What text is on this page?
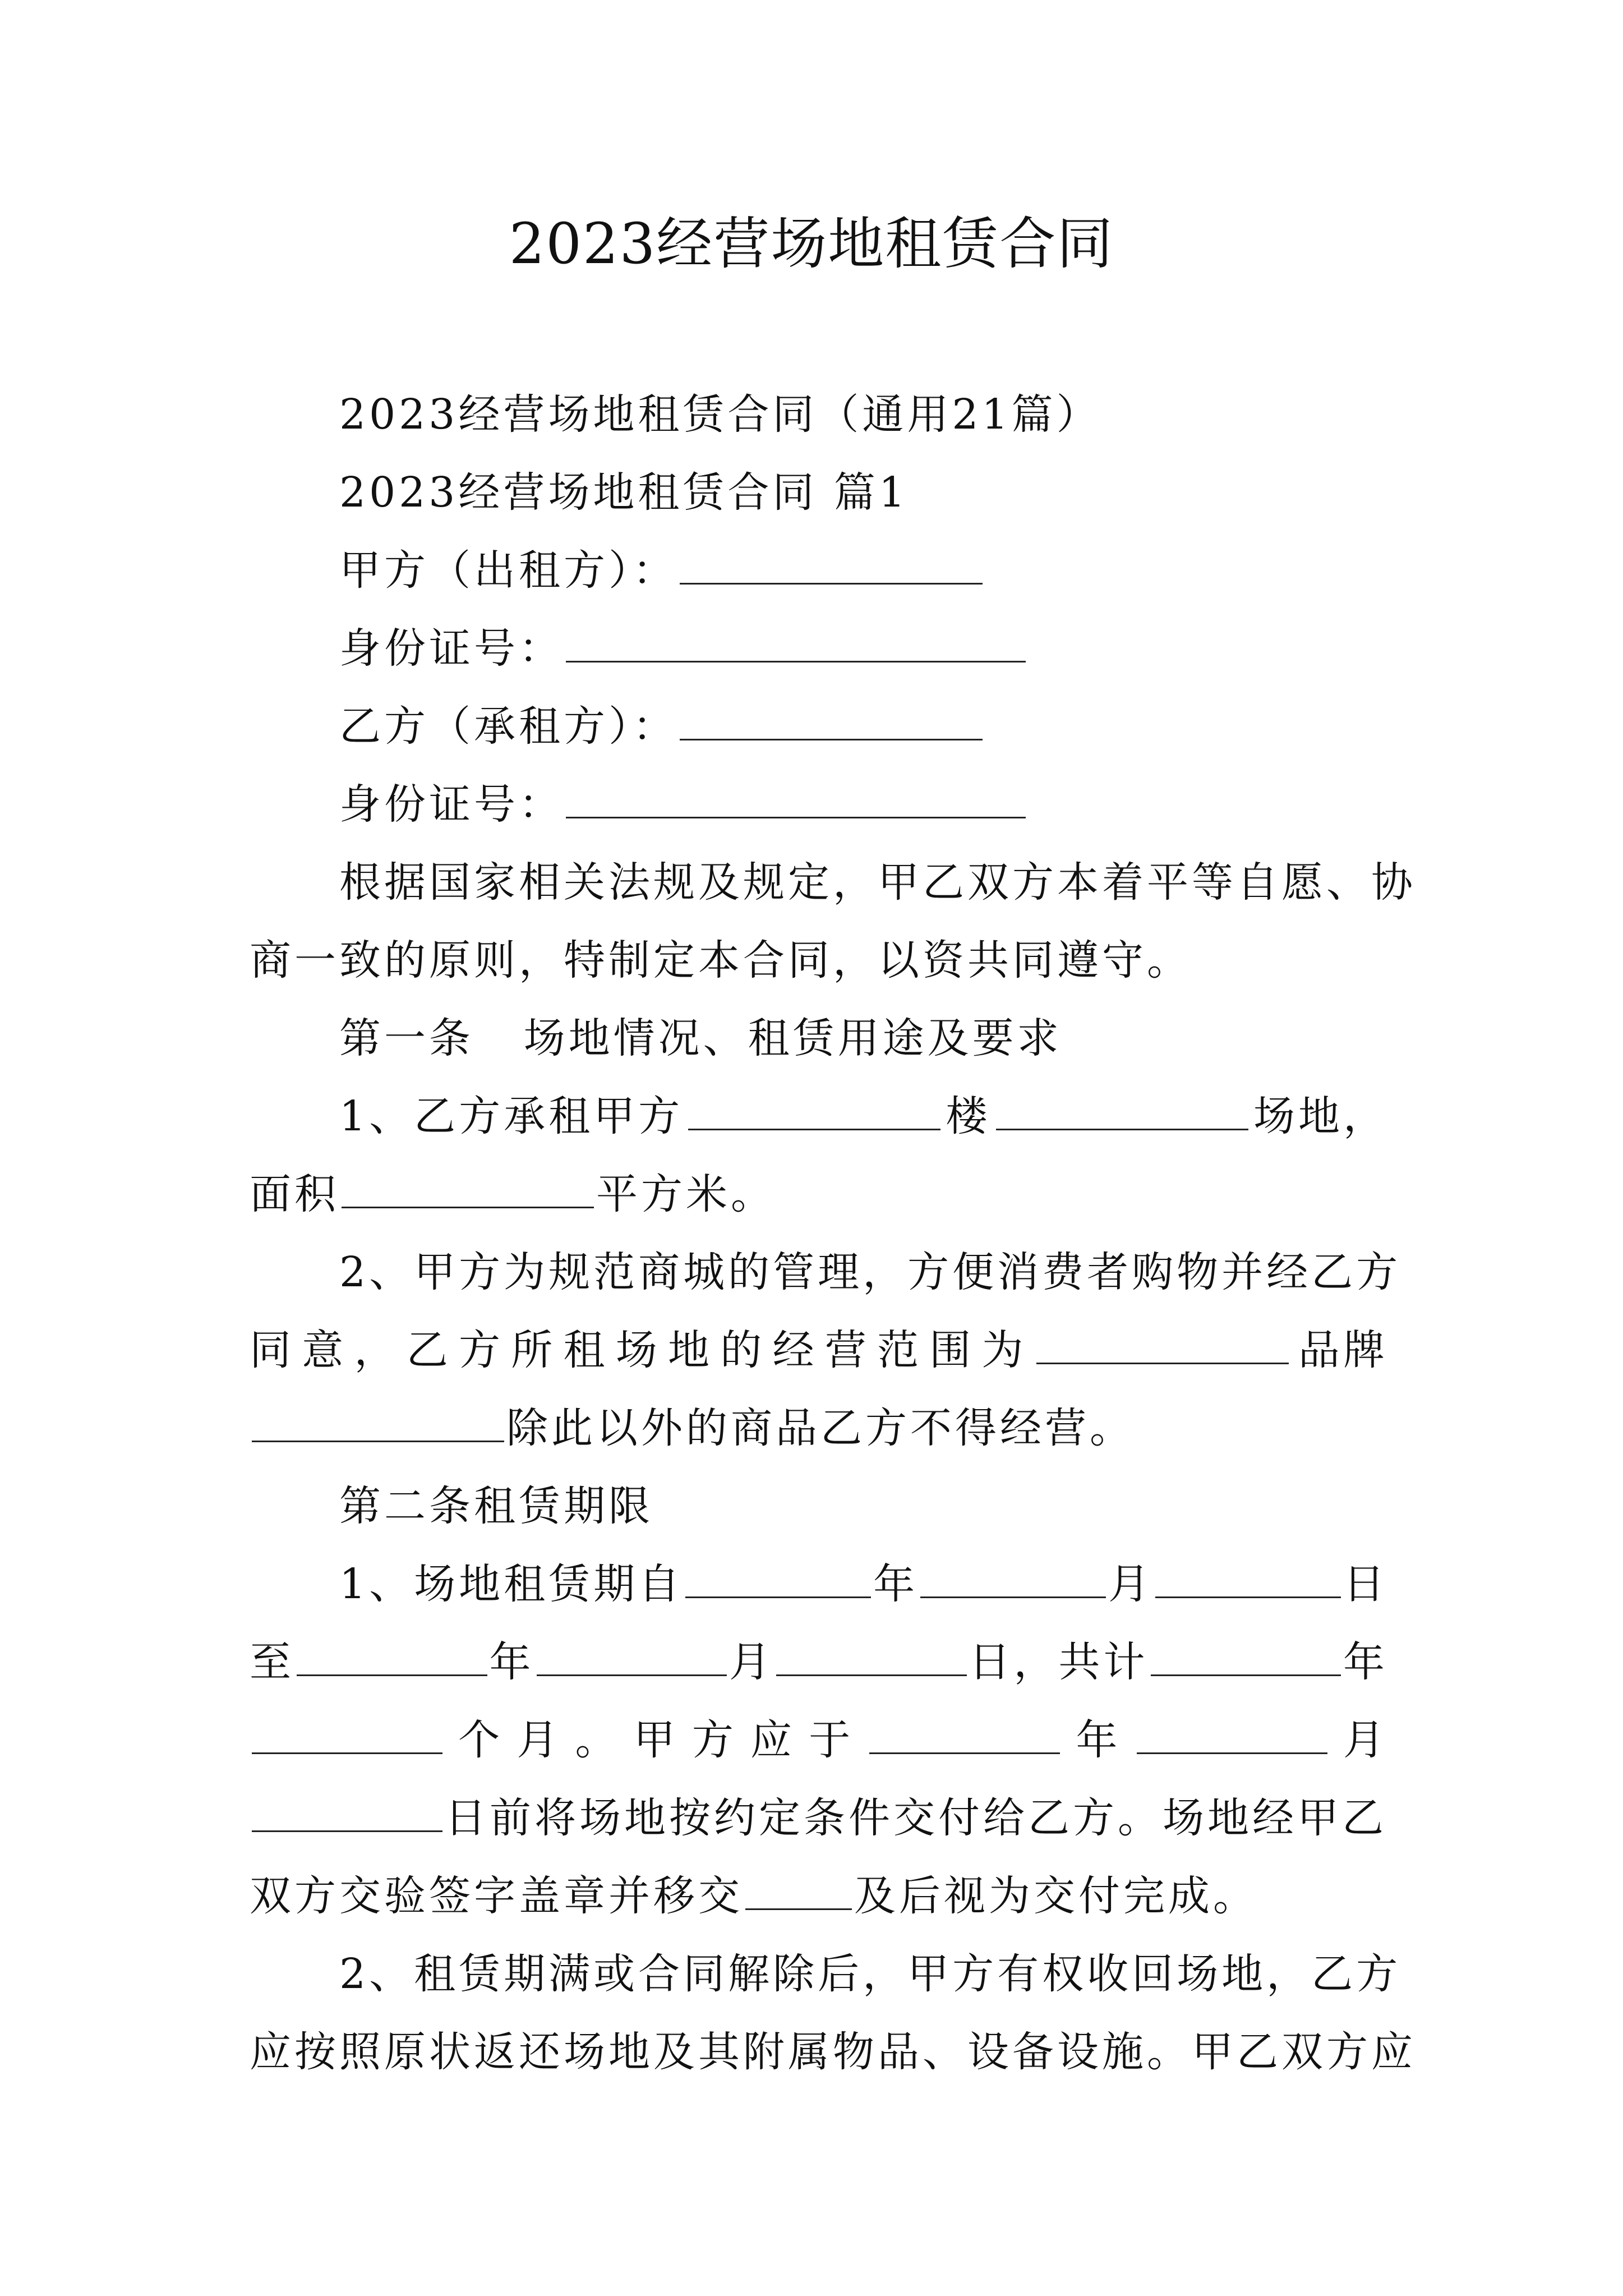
2023经营场地租赁合同
2023经营场地租赁合同（通用21篇）
2023经营场地租赁合同 篇1
甲方（出租方）：
身份证号：
乙方（承租方）：
身份证号：
根据国家相关法规及规定，甲乙双方本着平等自愿、协
商一致的原则，特制定本合同，以资共同遵守。
第一条   场地情况、租赁用途及要求
1、乙方承租甲方	楼	场地，
面积	平方米。
2、甲方为规范商城的管理，方便消费者购物并经乙方
同 意 ， 乙 方 所 租 场 地 的 经 营 范 围 为	品牌
除此以外的商品乙方不得经营。
第二条租赁期限
1、场地租赁期自	年	月	日
至	年	月	日，共计	年
个 月 。 甲 方 应 于	年	月
日前将场地按约定条件交付给乙方。场地经甲乙
双方交验签字盖章并移交	及后视为交付完成。
2、租赁期满或合同解除后，甲方有权收回场地，乙方
应按照原状返还场地及其附属物品、设备设施。甲乙双方应
